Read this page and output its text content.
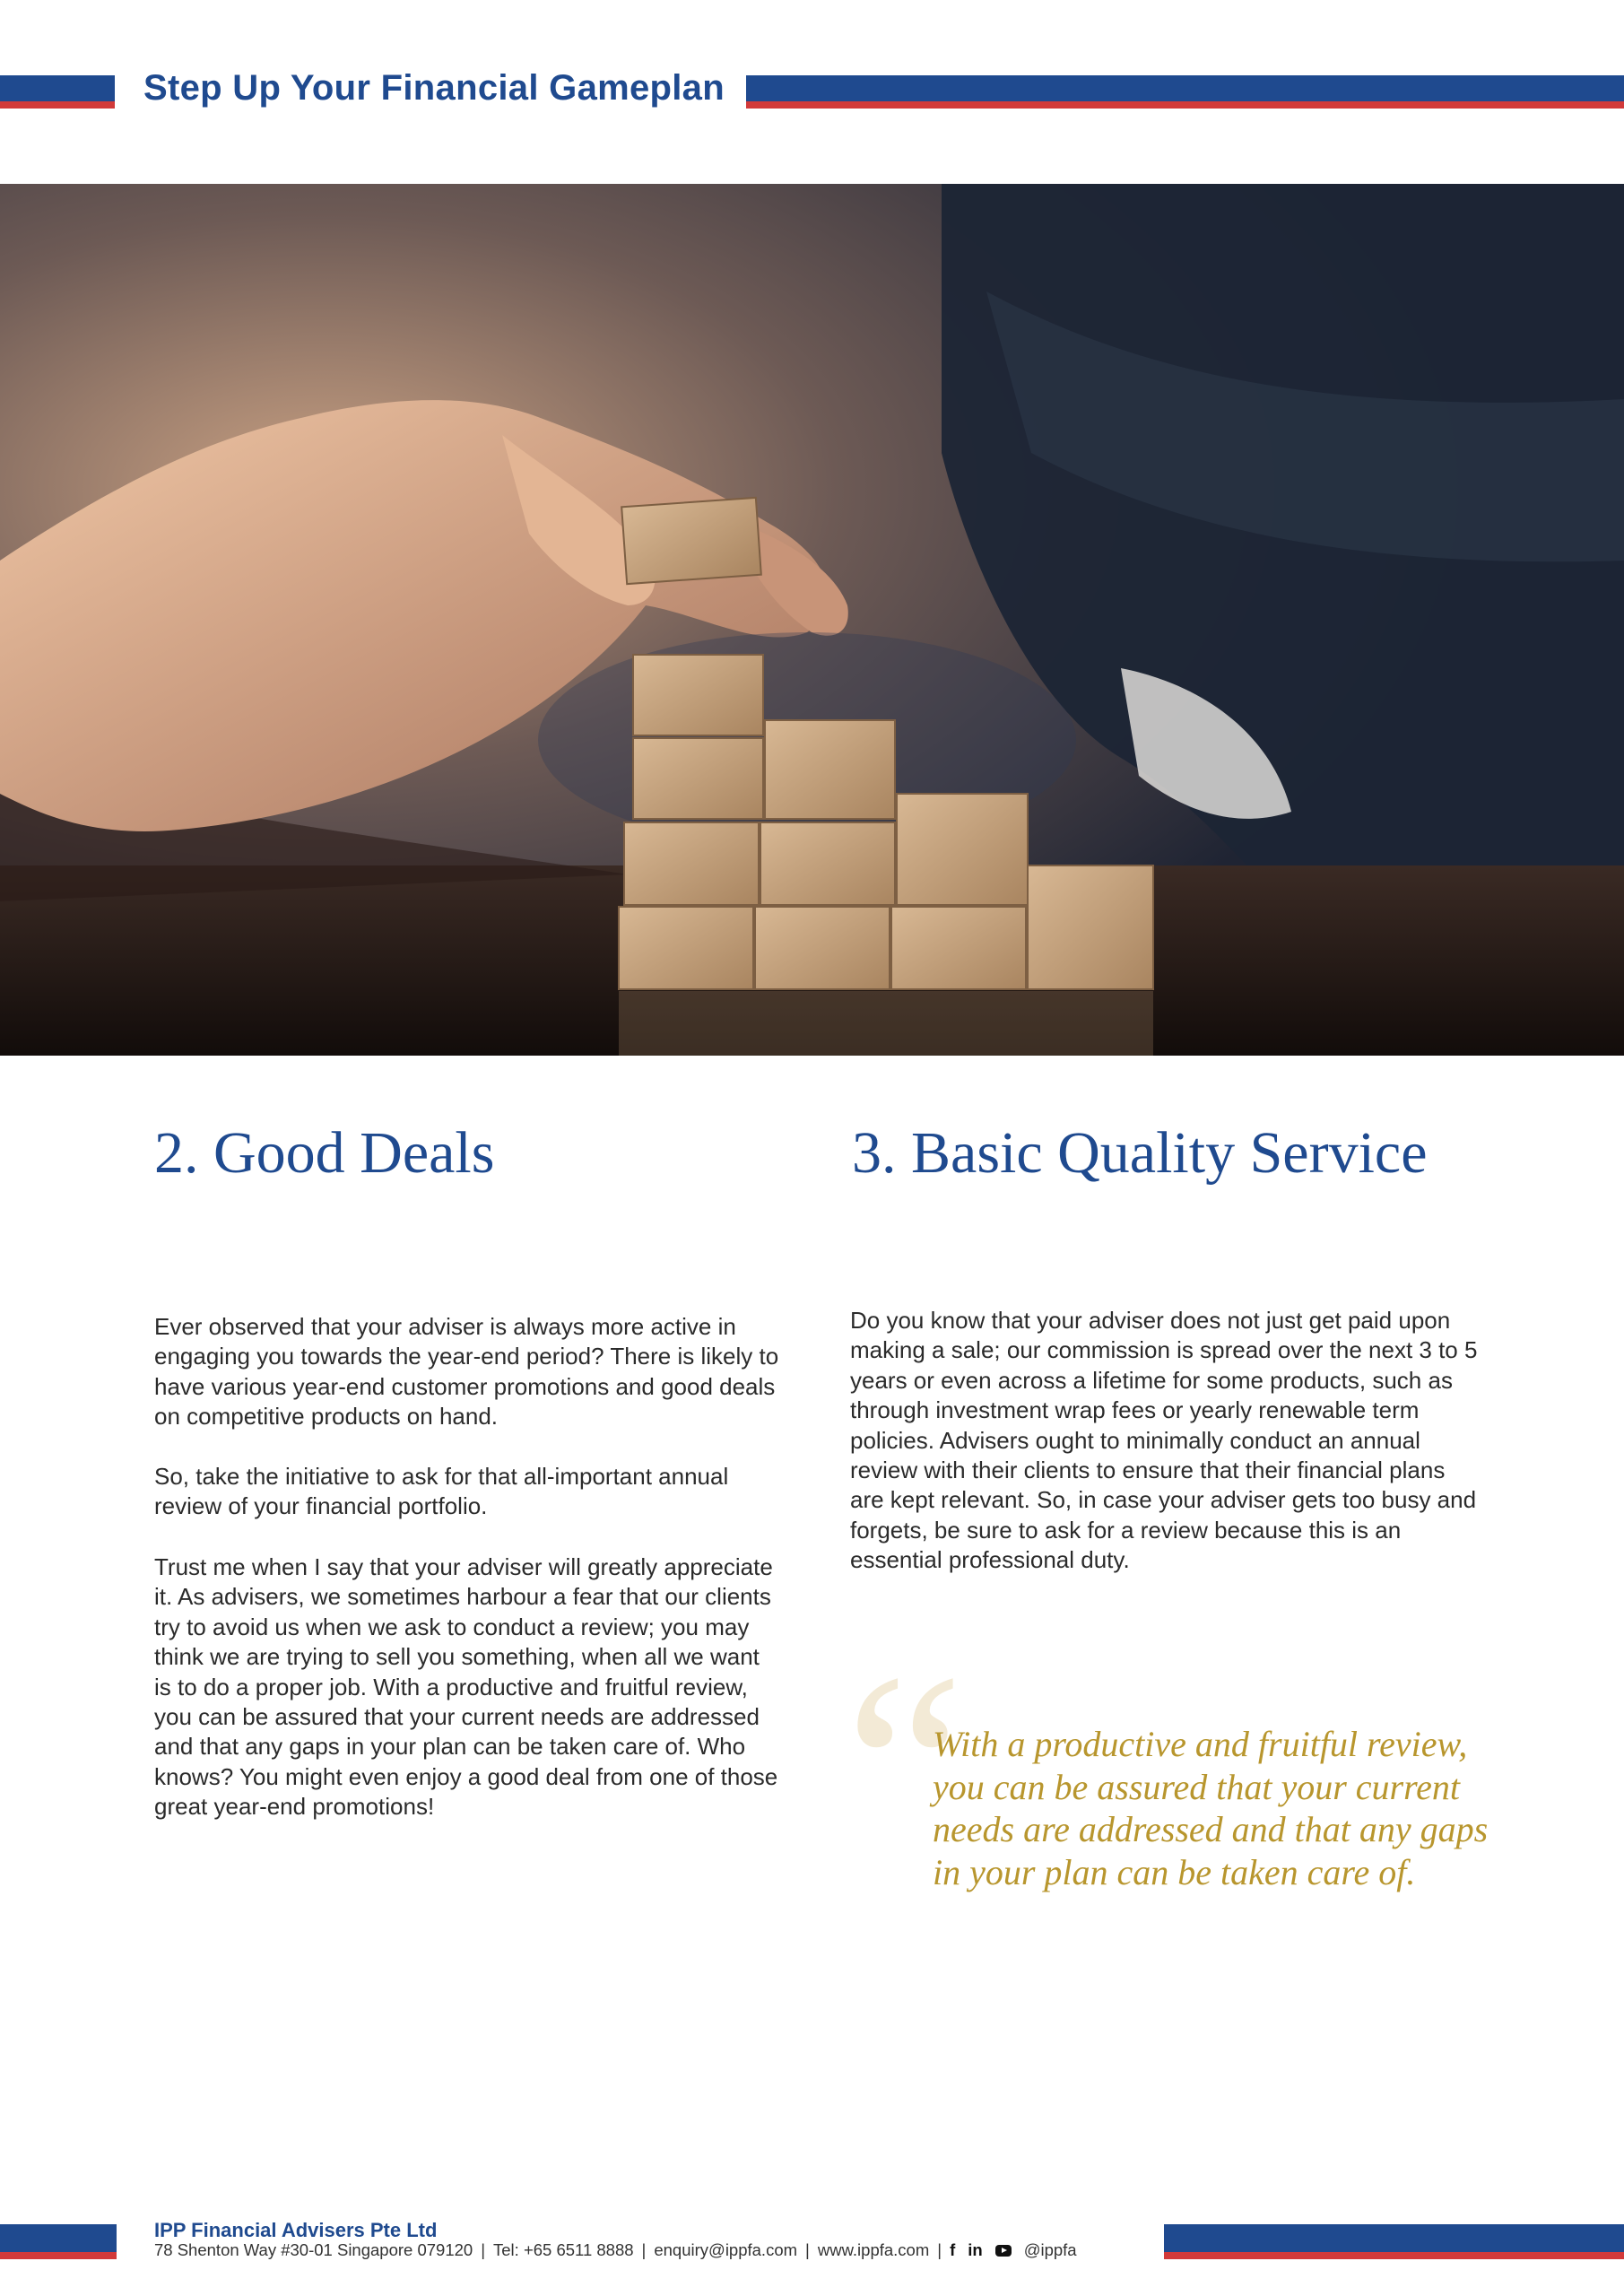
Step Up Your Financial Gameplan
2. Good Deals	3. Basic Quality Service

Ever observed that your adviser is always more active in engaging you towards the year-end period? There is likely to have various year-end customer promotions and good deals on competitive products on hand.

So, take the initiative to ask for that all-important annual review of your financial portfolio.

Trust me when I say that your adviser will greatly appreciate it. As advisers, we sometimes harbour a fear that our clients try to avoid us when we ask to conduct a review; you may think we are trying to sell you something, when all we want is to do a proper job. With a productive and fruitful review, you can be assured that your current needs are addressed and that any gaps in your plan can be taken care of. Who knows? You might even enjoy a good deal from one of those great year-end promotions!

Do you know that your adviser does not just get paid upon making a sale; our commission is spread over the next 3 to 5 years or even across a lifetime for some products, such as through investment wrap fees or yearly renewable term policies. Advisers ought to minimally conduct an annual review with their clients to ensure that their financial plans are kept relevant. So, in case your adviser gets too busy and forgets, be sure to ask for a review because this is an essential professional duty.

“

With a productive and fruitful review, you can be assured that your current needs are addressed and that any gaps in your plan can be taken care of.

IPP Financial Advisers Pte Ltd
78 Shenton Way #30-01 Singapore 079120 | Tel: +65 6511 8888 | enquiry@ippfa.com | www.ippfa.com | f in @ippfa
